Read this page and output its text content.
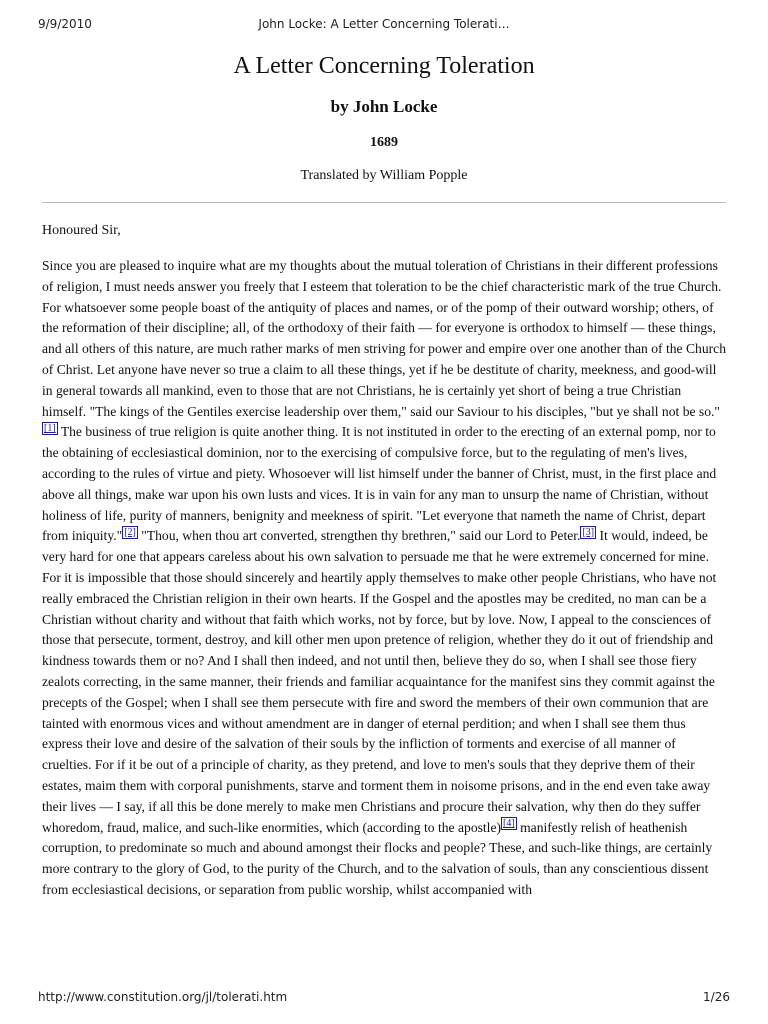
9/9/2010	John Locke: A Letter Concerning Tolerati…
A Letter Concerning Toleration
by John Locke
1689
Translated by William Popple
Honoured Sir,

Since you are pleased to inquire what are my thoughts about the mutual toleration of Christians in their different professions of religion, I must needs answer you freely that I esteem that toleration to be the chief characteristic mark of the true Church. For whatsoever some people boast of the antiquity of places and names, or of the pomp of their outward worship; others, of the reformation of their discipline; all, of the orthodoxy of their faith — for everyone is orthodox to himself — these things, and all others of this nature, are much rather marks of men striving for power and empire over one another than of the Church of Christ. Let anyone have never so true a claim to all these things, yet if he be destitute of charity, meekness, and good-will in general towards all mankind, even to those that are not Christians, he is certainly yet short of being a true Christian himself. "The kings of the Gentiles exercise leadership over them," said our Saviour to his disciples, "but ye shall not be so."[1] The business of true religion is quite another thing. It is not instituted in order to the erecting of an external pomp, nor to the obtaining of ecclesiastical dominion, nor to the exercising of compulsive force, but to the regulating of men's lives, according to the rules of virtue and piety. Whosoever will list himself under the banner of Christ, must, in the first place and above all things, make war upon his own lusts and vices. It is in vain for any man to unsurp the name of Christian, without holiness of life, purity of manners, benignity and meekness of spirit. "Let everyone that nameth the name of Christ, depart from iniquity." [2] "Thou, when thou art converted, strengthen thy brethren," said our Lord to Peter. [3] It would, indeed, be very hard for one that appears careless about his own salvation to persuade me that he were extremely concerned for mine. For it is impossible that those should sincerely and heartily apply themselves to make other people Christians, who have not really embraced the Christian religion in their own hearts. If the Gospel and the apostles may be credited, no man can be a Christian without charity and without that faith which works, not by force, but by love. Now, I appeal to the consciences of those that persecute, torment, destroy, and kill other men upon pretence of religion, whether they do it out of friendship and kindness towards them or no? And I shall then indeed, and not until then, believe they do so, when I shall see those fiery zealots correcting, in the same manner, their friends and familiar acquaintance for the manifest sins they commit against the precepts of the Gospel; when I shall see them persecute with fire and sword the members of their own communion that are tainted with enormous vices and without amendment are in danger of eternal perdition; and when I shall see them thus express their love and desire of the salvation of their souls by the infliction of torments and exercise of all manner of cruelties. For if it be out of a principle of charity, as they pretend, and love to men's souls that they deprive them of their estates, maim them with corporal punishments, starve and torment them in noisome prisons, and in the end even take away their lives — I say, if all this be done merely to make men Christians and procure their salvation, why then do they suffer whoredom, fraud, malice, and such-like enormities, which (according to the apostle) [4] manifestly relish of heathenish corruption, to predominate so much and abound amongst their flocks and people? These, and such-like things, are certainly more contrary to the glory of God, to the purity of the Church, and to the salvation of souls, than any conscientious dissent from ecclesiastical decisions, or separation from public worship, whilst accompanied with

http://www.constitution.org/jl/tolerati.htm	1/26
